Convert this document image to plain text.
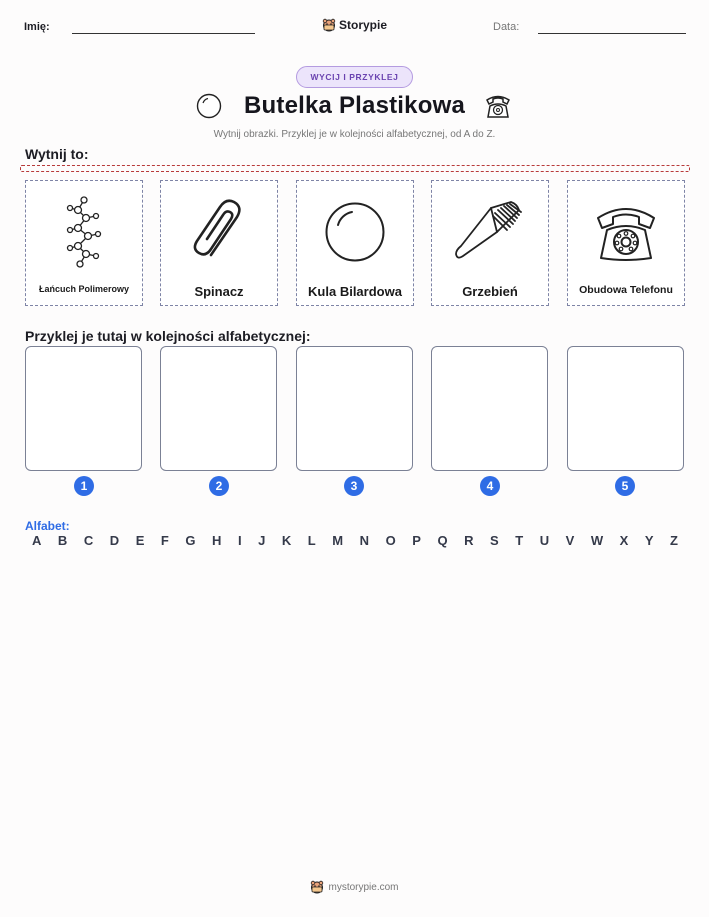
Imię:	Storypie	Data:
WYCIJ I PRZYKLEJ
Butelka Plastikowa
Wytnij obrazki. Przyklej je w kolejności alfabetycznej, od A do Z.
Wytnij to:
Łańcuch Polimerowy	Spinacz	Kula Bilardowa	Grzebień	Obudowa Telefonu
Przyklej je tutaj w kolejności alfabetycznej:
1	2	3	4	5
Alfabet:
A B C D E F G H I J K L M N O P Q R S T U V W X Y Z
mystorypie.com
